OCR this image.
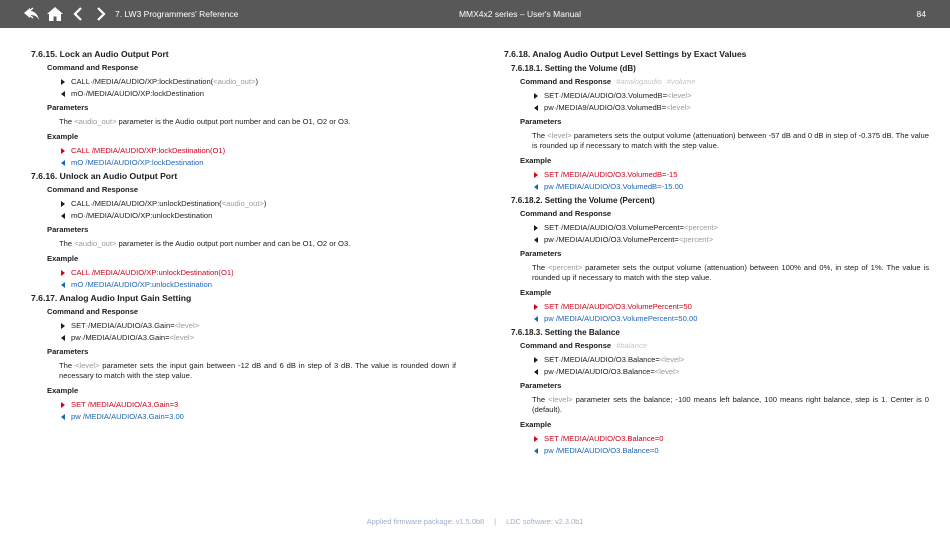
7. LW3 Programmers' Reference	MMX4x2 series – User's Manual	84
7.6.15. Lock an Audio Output Port
Command and Response
CALL·/MEDIA/AUDIO/XP:lockDestination(<audio_out>)
mO·/MEDIA/AUDIO/XP:lockDestination
Parameters
The <audio_out> parameter is the Audio output port number and can be O1, O2 or O3.
Example
CALL /MEDIA/AUDIO/XP:lockDestination(O1)
mO /MEDIA/AUDIO/XP:lockDestination
7.6.16. Unlock an Audio Output Port
Command and Response
CALL·/MEDIA/AUDIO/XP:unlockDestination(<audio_out>)
mO·/MEDIA/AUDIO/XP:unlockDestination
Parameters
The <audio_out> parameter is the Audio output port number and can be O1, O2 or O3.
Example
CALL /MEDIA/AUDIO/XP:unlockDestination(O1)
mO /MEDIA/AUDIO/XP:unlockDestination
7.6.17. Analog Audio Input Gain Setting
Command and Response
SET·/MEDIA/AUDIO/A3.Gain=<level>
pw·/MEDIA/AUDIO/A3.Gain=<level>
Parameters
The <level> parameter sets the input gain between -12 dB and 6 dB in step of 3 dB. The value is rounded down if necessary to match with the step value.
Example
SET /MEDIA/AUDIO/A3.Gain=3
pw /MEDIA/AUDIO/A3.Gain=3.00
7.6.18. Analog Audio Output Level Settings by Exact Values
7.6.18.1. Setting the Volume (dB)
Command and Response #analogaudio #volume
SET·/MEDIA/AUDIO/O3.VolumedB=<level>
pw·/MEDIA9/AUDIO/O3.VolumedB=<level>
Parameters
The <level> parameters sets the output volume (attenuation) between -57 dB and 0 dB in step of -0.375 dB. The value is rounded up if necessary to match with the step value.
Example
SET /MEDIA/AUDIO/O3.VolumedB=-15
pw /MEDIA/AUDIO/O3.VolumedB=-15.00
7.6.18.2. Setting the Volume (Percent)
Command and Response
SET·/MEDIA/AUDIO/O3.VolumePercent=<percent>
pw·/MEDIA/AUDIO/O3.VolumePercent=<percent>
Parameters
The <percent> parameter sets the output volume (attenuation) between 100% and 0%, in step of 1%. The value is rounded up if necessary to match with the step value.
Example
SET /MEDIA/AUDIO/O3.VolumePercent=50
pw /MEDIA/AUDIO/O3.VolumePercent=50.00
7.6.18.3. Setting the Balance
Command and Response #balance
SET·/MEDIA/AUDIO/O3.Balance=<level>
pw·/MEDIA/AUDIO/O3.Balance=<level>
Parameters
The <level> parameter sets the balance; -100 means left balance, 100 means right balance, step is 1. Center is 0 (default).
Example
SET /MEDIA/AUDIO/O3.Balance=0
pw /MEDIA/AUDIO/O3.Balance=0
Applied firmware package: v1.5.0b8 | LDC software: v2.3.0b1
